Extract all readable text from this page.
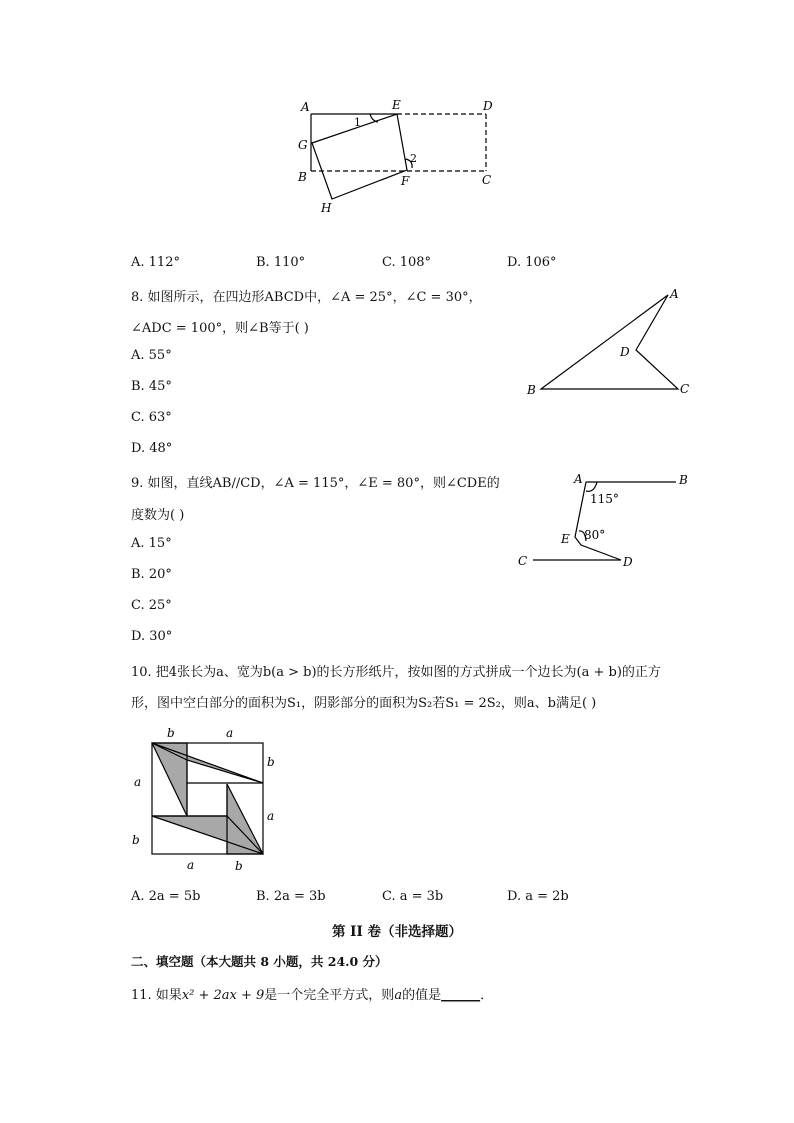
A	E	D
G
B	F	C
H
1
2
A. 112°	B. 110°	C. 108°	D. 106°
8. 如图所示，在四边形ABCD中，∠A = 25°，∠C = 30°，
∠ADC = 100°，则∠B等于( )
A. 55°
B. 45°
C. 63°
D. 48°
A
D
B	C
9. 如图，直线AB//CD，∠A = 115°，∠E = 80°，则∠CDE的
度数为( )
A. 15°
B. 20°
C. 25°
D. 30°
A	B
E
C	D
115°
80°
10. 把4张长为a、宽为b(a > b)的长方形纸片，按如图的方式拼成一个边长为(a + b)的正方
形，图中空白部分的面积为S₁，阴影部分的面积为S₂若S₁ = 2S₂，则a、b满足( )
b	a
a
b
a
b
a	b
A. 2a = 5b	B. 2a = 3b	C. a = 3b	D. a = 2b
第 II 卷（非选择题）
二、填空题（本大题共 8 小题，共 24.0 分）
11. 如果x² + 2ax + 9是一个完全平方式，则a的值是______．
